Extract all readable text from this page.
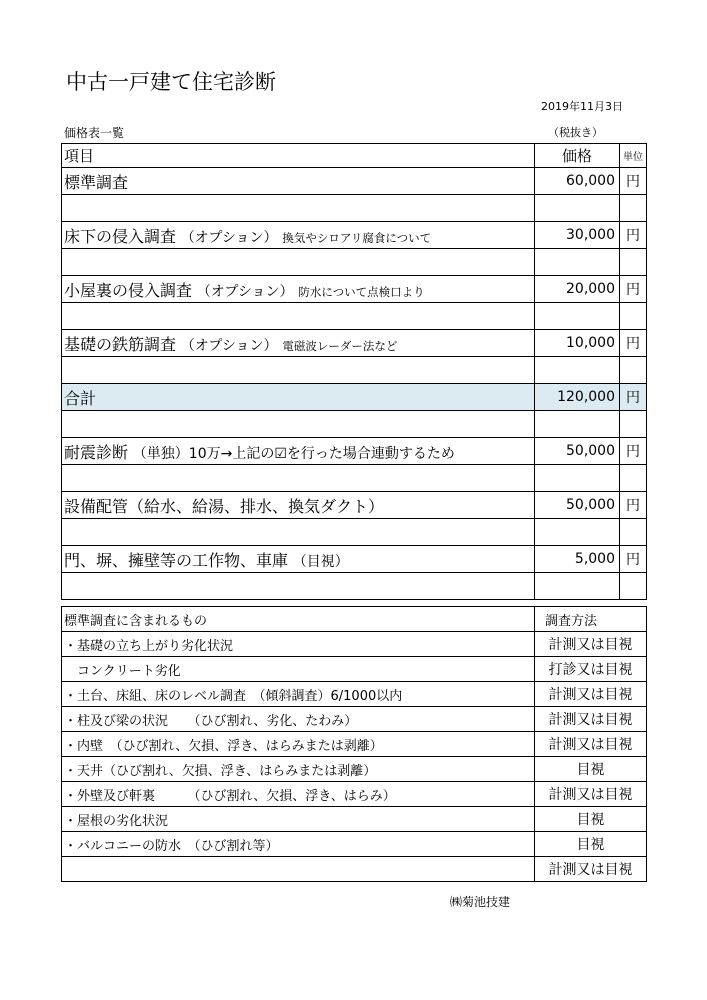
中古一戸建て住宅診断
2019年11月3日
価格表一覧	（税抜き）
項目	価格	単位
標準調査	60,000	円

床下の侵入調査 （オプション） 換気やシロアリ腐食について	30,000	円

小屋裏の侵入調査 （オプション） 防水について点検口より	20,000	円

基礎の鉄筋調査 （オプション） 電磁波レーダー法など	10,000	円

合計	120,000	円

耐震診断 （単独）10万→上記の☑を行った場合連動するため	50,000	円

設備配管（給水、給湯、排水、換気ダクト）	50,000	円

門、塀、擁壁等の工作物、車庫 （目視）	5,000	円

標準調査に含まれるもの	調査方法
・基礎の立ち上がり劣化状況	計測又は目視
　コンクリート劣化	打診又は目視
・土台、床組、床のレベル調査　（傾斜調査）6/1000以内	計測又は目視
・柱及び梁の状況　　（ひび割れ、劣化、たわみ）	計測又は目視
・内壁　（ひび割れ、欠損、浮き、はらみまたは剥離）	計測又は目視
・天井（ひび割れ、欠損、浮き、はらみまたは剥離）	目視
・外壁及び軒裏　　　（ひび割れ、欠損、浮き、はらみ）	計測又は目視
・屋根の劣化状況	目視
・バルコニーの防水　（ひび割れ等）	目視
	計測又は目視
㈱菊池技建
